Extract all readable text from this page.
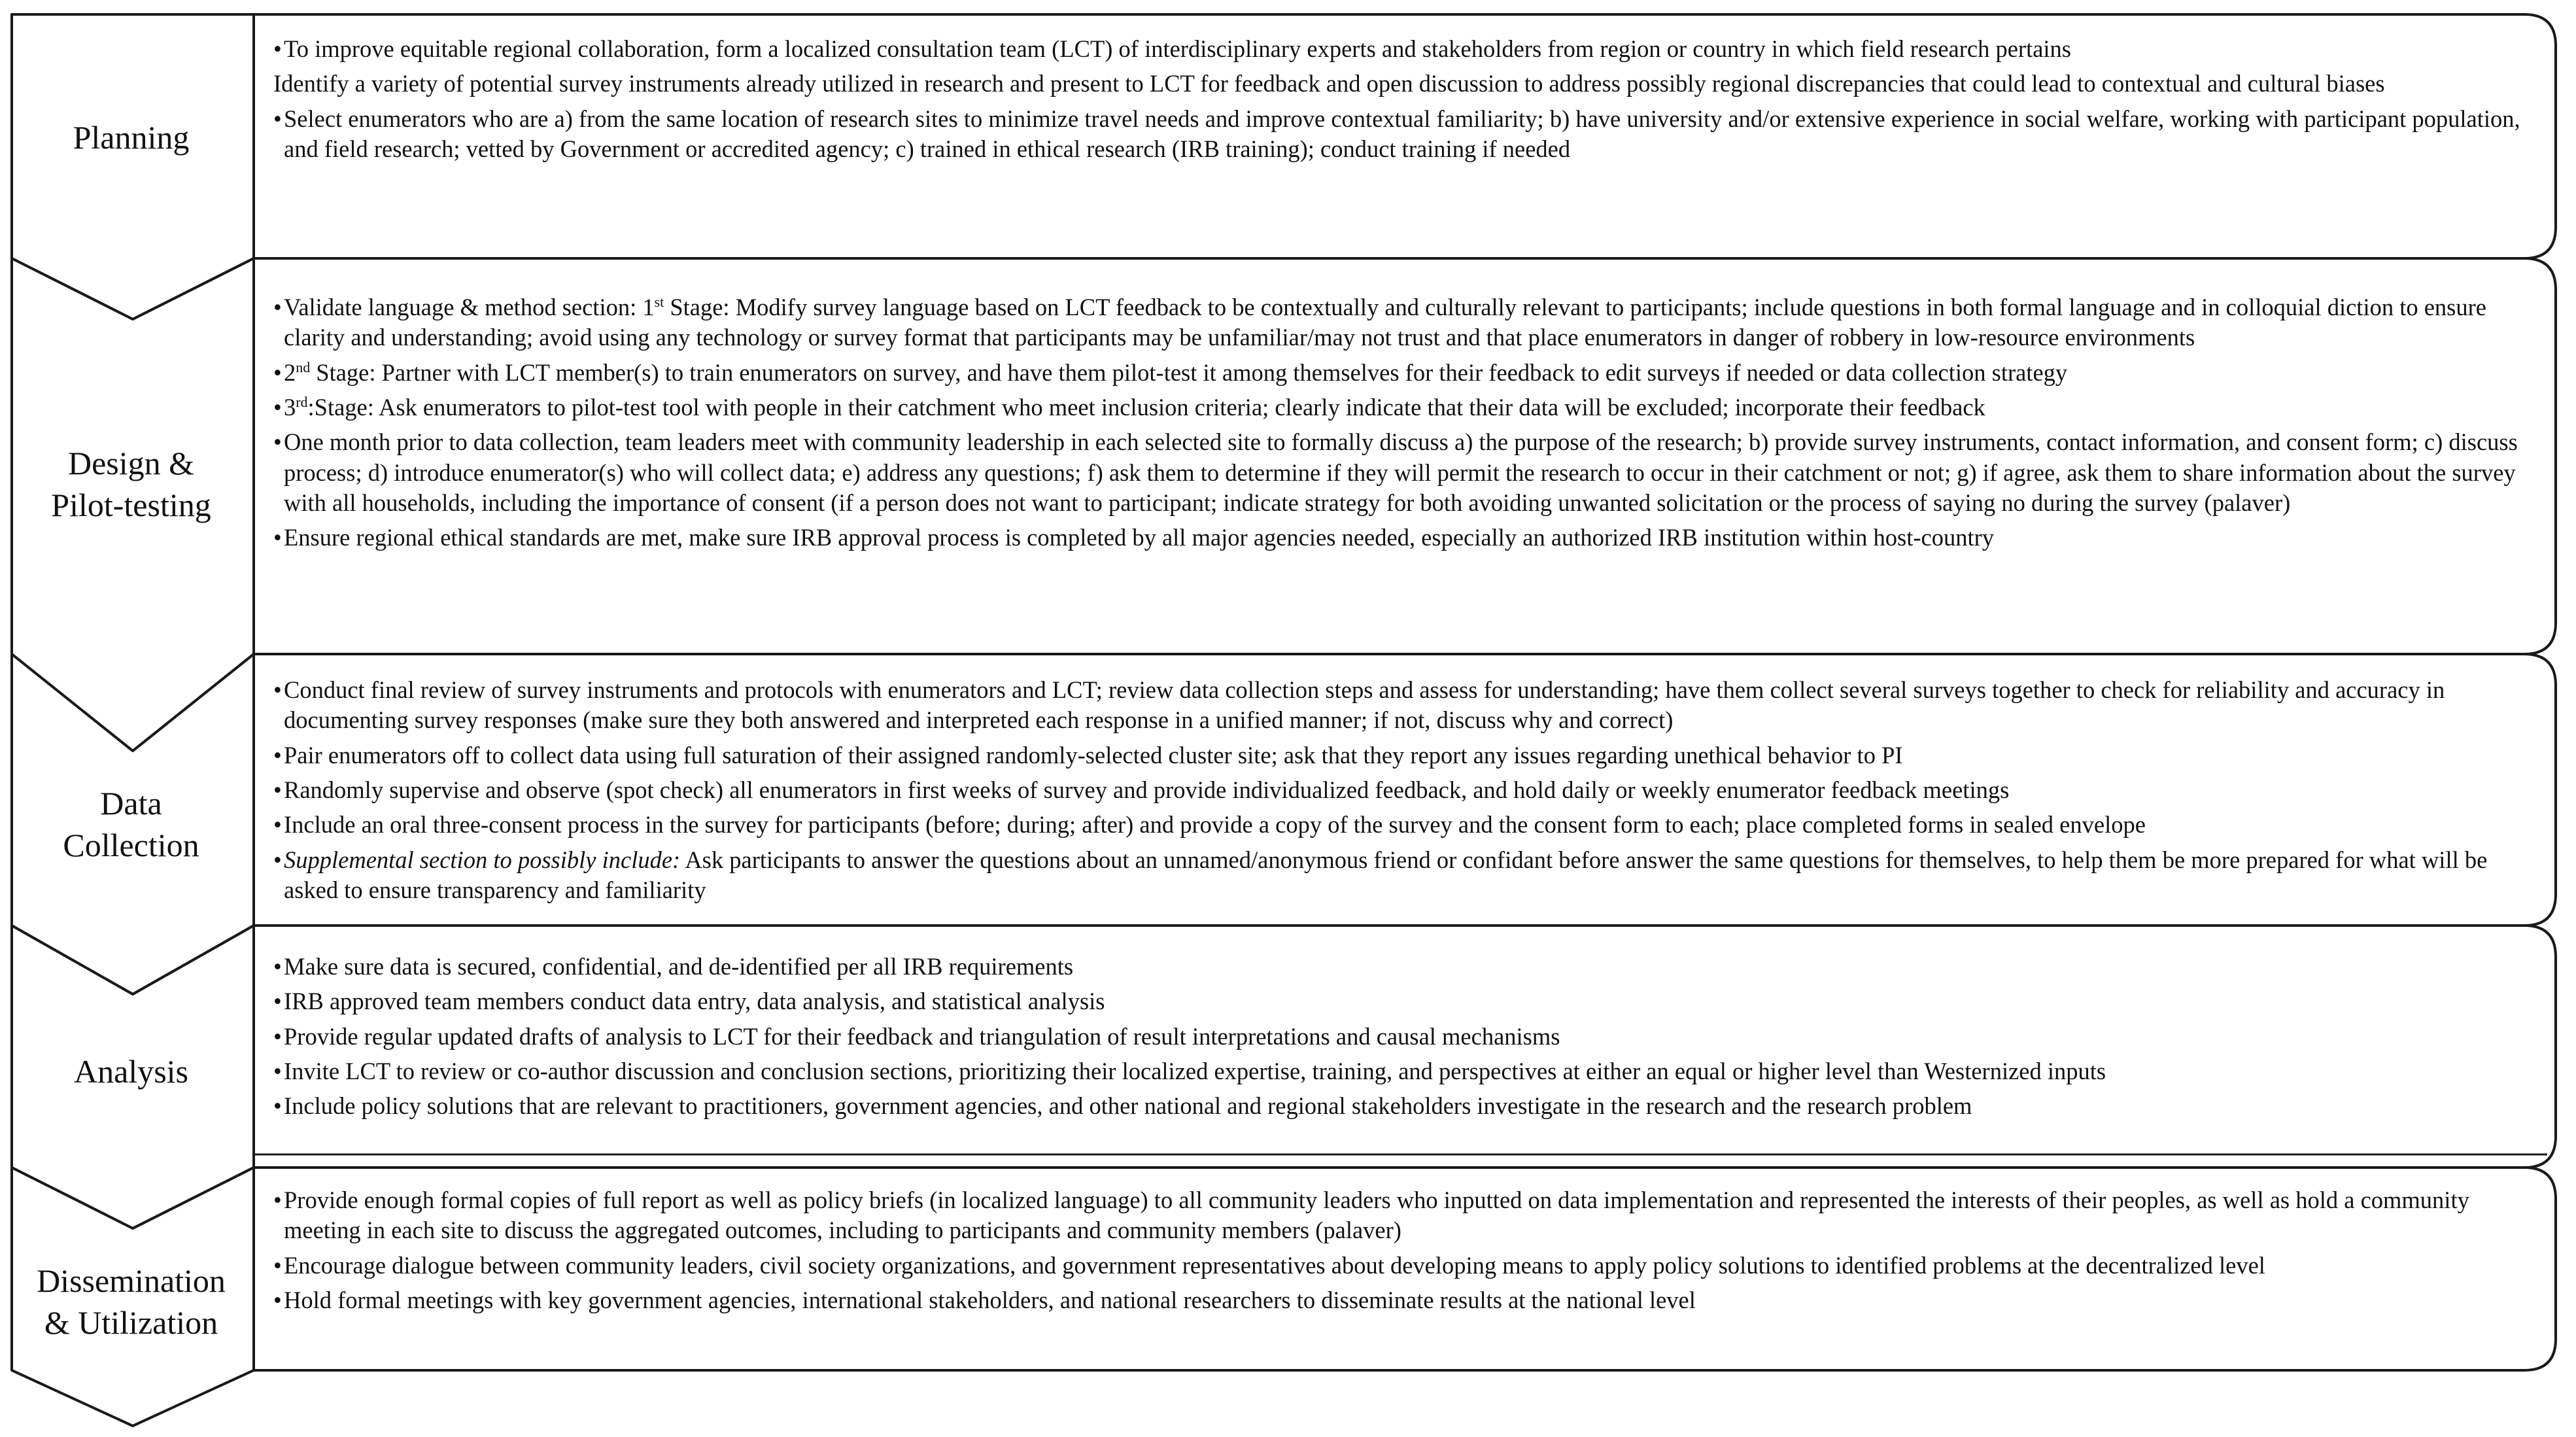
Planning
Design &
Pilot-testing
Data
Collection
Analysis
Dissemination
& Utilization
•To improve equitable regional collaboration, form a localized consultation team (LCT) of interdisciplinary experts and stakeholders from region or country in which field research pertains
Identify a variety of potential survey instruments already utilized in research and present to LCT for feedback and open discussion to address possibly regional discrepancies that could lead to contextual and cultural biases
•Select enumerators who are a) from the same location of research sites to minimize travel needs and improve contextual familiarity; b) have university and/or extensive experience in social welfare, working with participant population, and field research; vetted by Government or accredited agency; c) trained in ethical research (IRB training); conduct training if needed
•Validate language & method section: 1st Stage: Modify survey language based on LCT feedback to be contextually and culturally relevant to participants; include questions in both formal language and in colloquial diction to ensure clarity and understanding; avoid using any technology or survey format that participants may be unfamiliar/may not trust and that place enumerators in danger of robbery in low-resource environments
•2nd Stage: Partner with LCT member(s) to train enumerators on survey, and have them pilot-test it among themselves for their feedback to edit surveys if needed or data collection strategy
•3rd:Stage: Ask enumerators to pilot-test tool with people in their catchment who meet inclusion criteria; clearly indicate that their data will be excluded; incorporate their feedback
•One month prior to data collection, team leaders meet with community leadership in each selected site to formally discuss a) the purpose of the research; b) provide survey instruments, contact information, and consent form; c) discuss process; d) introduce enumerator(s) who will collect data; e) address any questions; f) ask them to determine if they will permit the research to occur in their catchment or not; g) if agree, ask them to share information about the survey with all households, including the importance of consent (if a person does not want to participant; indicate strategy for both avoiding unwanted solicitation or the process of saying no during the survey (palaver)
•Ensure regional ethical standards are met, make sure IRB approval process is completed by all major agencies needed, especially an authorized IRB institution within host-country
•Conduct final review of survey instruments and protocols with enumerators and LCT; review data collection steps and assess for understanding; have them collect several surveys together to check for reliability and accuracy in documenting survey responses (make sure they both answered and interpreted each response in a unified manner; if not, discuss why and correct)
•Pair enumerators off to collect data using full saturation of their assigned randomly-selected cluster site; ask that they report any issues regarding unethical behavior to PI
•Randomly supervise and observe (spot check) all enumerators in first weeks of survey and provide individualized feedback, and hold daily or weekly enumerator feedback meetings
•Include an oral three-consent process in the survey for participants (before; during; after) and provide a copy of the survey and the consent form to each; place completed forms in sealed envelope
•Supplemental section to possibly include: Ask participants to answer the questions about an unnamed/anonymous friend or confidant before answer the same questions for themselves, to help them be more prepared for what will be asked to ensure transparency and familiarity
•Make sure data is secured, confidential, and de-identified per all IRB requirements
•IRB approved team members conduct data entry, data analysis, and statistical analysis
•Provide regular updated drafts of analysis to LCT for their feedback and triangulation of result interpretations and causal mechanisms
•Invite LCT to review or co-author discussion and conclusion sections, prioritizing their localized expertise, training, and perspectives at either an equal or higher level than Westernized inputs
•Include policy solutions that are relevant to practitioners, government agencies, and other national and regional stakeholders investigate in the research and the research problem
•Provide enough formal copies of full report as well as policy briefs (in localized language) to all community leaders who inputted on data implementation and represented the interests of their peoples, as well as hold a community meeting in each site to discuss the aggregated outcomes, including to participants and community members (palaver)
•Encourage dialogue between community leaders, civil society organizations, and government representatives about developing means to apply policy solutions to identified problems at the decentralized level
•Hold formal meetings with key government agencies, international stakeholders, and national researchers to disseminate results at the national level
